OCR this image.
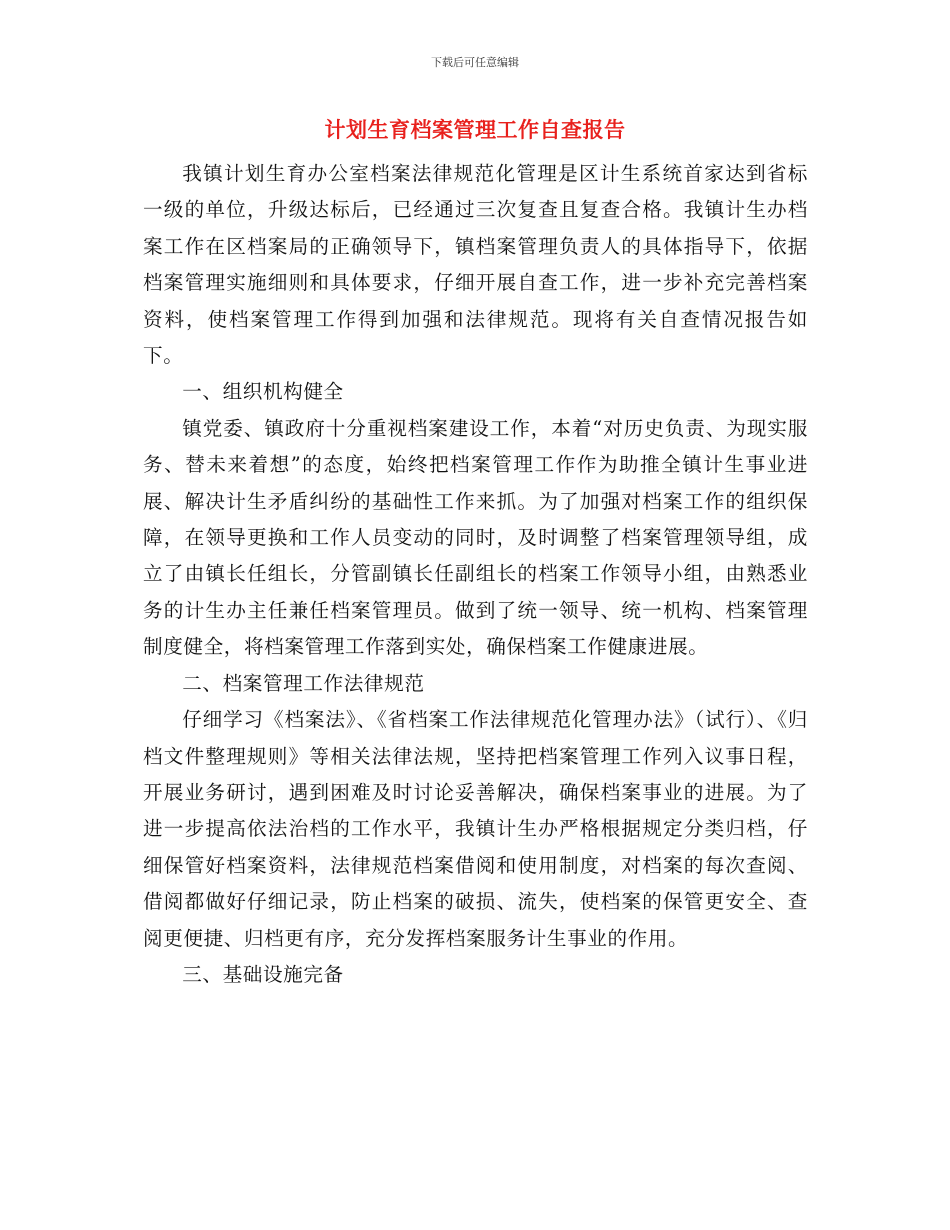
下载后可任意编辑
计划生育档案管理工作自查报告

我镇计划生育办公室档案法律规范化管理是区计生系统首家达到省标一级的单位，升级达标后，已经通过三次复查且复查合格。我镇计生办档案工作在区档案局的正确领导下，镇档案管理负责人的具体指导下，依据档案管理实施细则和具体要求，仔细开展自查工作，进一步补充完善档案资料，使档案管理工作得到加强和法律规范。现将有关自查情况报告如下。

一、组织机构健全

镇党委、镇政府十分重视档案建设工作，本着“对历史负责、为现实服务、替未来着想”的态度，始终把档案管理工作作为助推全镇计生事业进展、解决计生矛盾纠纷的基础性工作来抓。为了加强对档案工作的组织保障，在领导更换和工作人员变动的同时，及时调整了档案管理领导组，成立了由镇长任组长，分管副镇长任副组长的档案工作领导小组，由熟悉业务的计生办主任兼任档案管理员。做到了统一领导、统一机构、档案管理制度健全，将档案管理工作落到实处，确保档案工作健康进展。

二、档案管理工作法律规范

仔细学习《档案法》、《省档案工作法律规范化管理办法》（试行）、《归档文件整理规则》等相关法律法规，坚持把档案管理工作列入议事日程，开展业务研讨，遇到困难及时讨论妥善解决，确保档案事业的进展。为了进一步提高依法治档的工作水平，我镇计生办严格根据规定分类归档，仔细保管好档案资料，法律规范档案借阅和使用制度，对档案的每次查阅、借阅都做好仔细记录，防止档案的破损、流失，使档案的保管更安全、查阅更便捷、归档更有序，充分发挥档案服务计生事业的作用。

三、基础设施完备
